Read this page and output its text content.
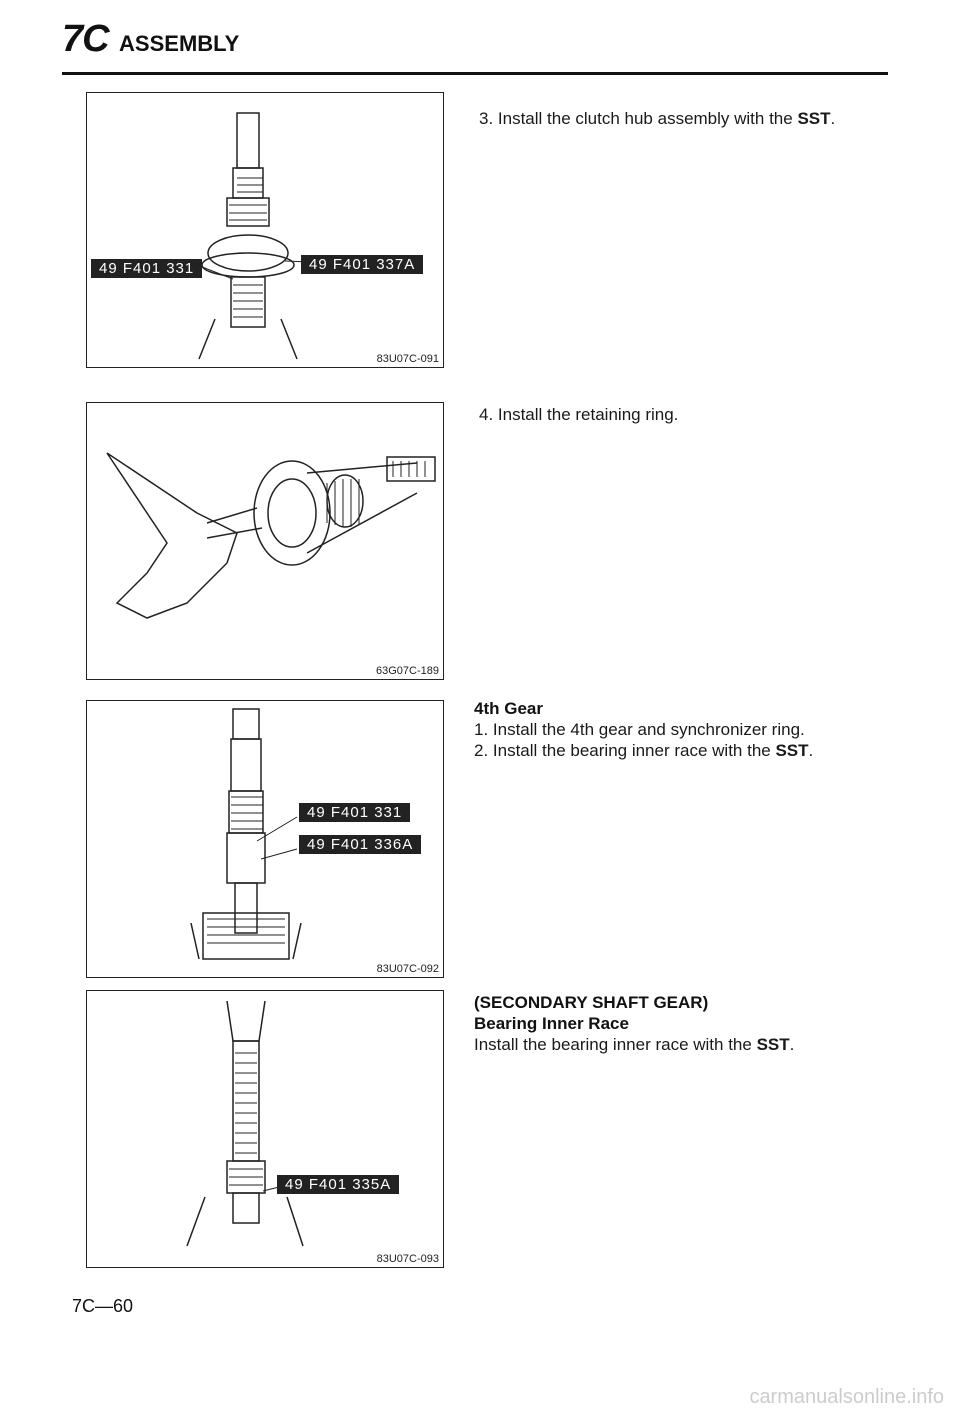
7C ASSEMBLY
49 F401 331	49 F401 337A
83U07C-091
63G07C-189
49 F401 331
49 F401 336A
83U07C-092
49 F401 335A
83U07C-093
3. Install the clutch hub assembly with the SST.
4. Install the retaining ring.
4th Gear
1. Install the 4th gear and synchronizer ring.
2. Install the bearing inner race with the SST.
(SECONDARY SHAFT GEAR)
Bearing Inner Race
Install the bearing inner race with the SST.
7C—60
carmanualsonline.info
